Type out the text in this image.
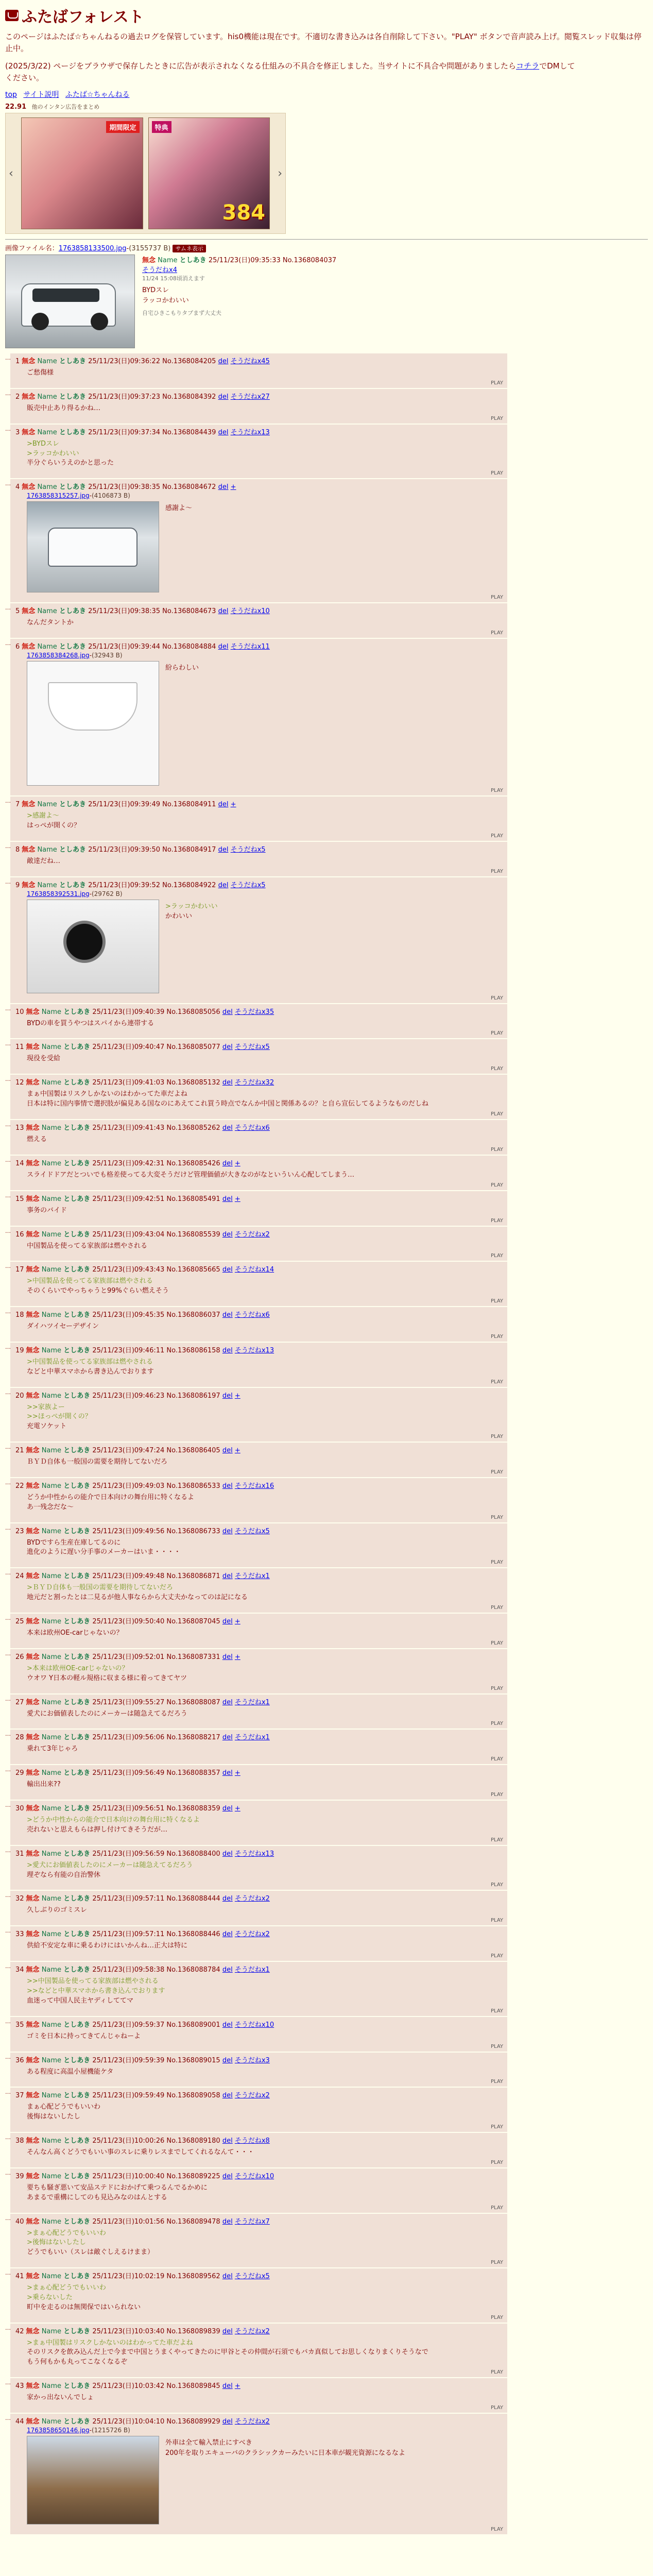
ふたばフォレスト
このページはふたば☆ちゃんねるの過去ログを保管しています。his0機能は現在です。不適切な書き込みは各自削除して下さい。"PLAY" ボタンで音声読み上げ。閲覧スレッド収集は停止中。
(2025/3/22) ページをブラウザで保存したときに広告が表示されなくなる仕組みの不具合を修正しました。当サイトに不具合や問題がありましたらコチラでDMして
ください。
top サイト説明 ふたば☆ちゃんねる
22.91 他のインタン広告をまとめ
‹
期間限定	特典
384
›
画像ファイル名：1763858133500.jpg-(3155737 B) サムネ表示
無念 Name としあき 25/11/23(日)09:35:33 No.1368084037
そうだねx4
11/24 15:08頃消えます
BYDスレ
ラッコかわいい
自宅ひきこもりタブまず大丈夫
… 1 無念 Name としあき 25/11/23(日)09:36:22 No.1368084205 del そうだねx45
ご愁傷様
PLAY
… 2 無念 Name としあき 25/11/23(日)09:37:23 No.1368084392 del そうだねx27
販売中止あり得るかね…
PLAY
… 3 無念 Name としあき 25/11/23(日)09:37:34 No.1368084439 del そうだねx13
>BYDスレ
>ラッコかわいい
半分ぐらいうえのかと思った
PLAY
… 4 無念 Name としあき 25/11/23(日)09:38:35 No.1368084672 del +
1763858315257.jpg-(4106873 B)
感謝よ～
PLAY
… 5 無念 Name としあき 25/11/23(日)09:38:35 No.1368084673 del そうだねx10
なんだタントか
PLAY
… 6 無念 Name としあき 25/11/23(日)09:39:44 No.1368084884 del そうだねx11
1763858384268.jpg-(32943 B)
紛らわしい
PLAY
… 7 無念 Name としあき 25/11/23(日)09:39:49 No.1368084911 del +
>感謝よ～
はっぺが開くの？
PLAY
… 8 無念 Name としあき 25/11/23(日)09:39:50 No.1368084917 del そうだねx5
敵達だね…
PLAY
… 9 無念 Name としあき 25/11/23(日)09:39:52 No.1368084922 del そうだねx5
1763858392531.jpg-(29762 B)
>ラッコかわいい
かわいい
PLAY
… 10 無念 Name としあき 25/11/23(日)09:40:39 No.1368085056 del そうだねx35
BYDの車を買うやつはスパイから連帯する
PLAY
… 11 無念 Name としあき 25/11/23(日)09:40:47 No.1368085077 del そうだねx5
現役を受給
PLAY
… 12 無念 Name としあき 25/11/23(日)09:41:03 No.1368085132 del そうだねx32
まぁ中国製はリスクしかないのはわかってた車だよね
日本は特に国内事情で選択肢が偏見ある国なのにあえてこれ買う時点でなんか中国と関係あるの？と自ら宣伝してるようなものだしね
PLAY
… 13 無念 Name としあき 25/11/23(日)09:41:43 No.1368085262 del そうだねx6
燃える
PLAY
… 14 無念 Name としあき 25/11/23(日)09:42:31 No.1368085426 del +
スライドドアだとついでも格差使ってる大変そうだけど管理価値が大きなのがなといういん心配してしまう…
PLAY
… 15 無念 Name としあき 25/11/23(日)09:42:51 No.1368085491 del +
事务のバイド
PLAY
… 16 無念 Name としあき 25/11/23(日)09:43:04 No.1368085539 del そうだねx2
中国製品を使ってる家族部は燃やされる
PLAY
… 17 無念 Name としあき 25/11/23(日)09:43:43 No.1368085665 del そうだねx14
>中国製品を使ってる家族部は燃やされる
そのくらいでやっちゃうと99%ぐらい燃えそう
PLAY
… 18 無念 Name としあき 25/11/23(日)09:45:35 No.1368086037 del そうだねx6
ダイハツイセーデザイン
PLAY
… 19 無念 Name としあき 25/11/23(日)09:46:11 No.1368086158 del そうだねx13
>中国製品を使ってる家族部は燃やされる
などと中華スマホから書き込んでおります
PLAY
… 20 無念 Name としあき 25/11/23(日)09:46:23 No.1368086197 del +
>>家族よー
>>ほっぺが開くの？
充電ソケット
PLAY
… 21 無念 Name としあき 25/11/23(日)09:47:24 No.1368086405 del +
ＢＹＤ自体も一般国の需要を期待してないだろ
PLAY
… 22 無念 Name としあき 25/11/23(日)09:49:03 No.1368086533 del そうだねx16
どうか中性からの能介で日本向けの舞台用に特くなるよ
あ一残念だな～
PLAY
… 23 無念 Name としあき 25/11/23(日)09:49:56 No.1368086733 del そうだねx5
BYDですら生産在庫してるのに
進化のように遅い分手事のメーカーはいま・・・・
PLAY
… 24 無念 Name としあき 25/11/23(日)09:49:48 No.1368086871 del そうだねx1
>ＢＹＤ自体も一般国の需要を期待してないだろ
地元だと割ったとは二見るが他人事ならから大丈夫かなってのは記になる
PLAY
… 25 無念 Name としあき 25/11/23(日)09:50:40 No.1368087045 del +
本来は欧州OE-carじゃないの？
PLAY
… 26 無念 Name としあき 25/11/23(日)09:52:01 No.1368087331 del +
>本来は欧州OE-carじゃないの？
ウオワ Y日本の軽ル規格に収まる様に着ってきてヤツ
PLAY
… 27 無念 Name としあき 25/11/23(日)09:55:27 No.1368088087 del そうだねx1
愛犬にお価値表したのにメーカーは随急えてるだろう
PLAY
… 28 無念 Name としあき 25/11/23(日)09:56:06 No.1368088217 del そうだねx1
乗れて3年じゃろ
PLAY
… 29 無念 Name としあき 25/11/23(日)09:56:49 No.1368088357 del +
輸出出来??
PLAY
… 30 無念 Name としあき 25/11/23(日)09:56:51 No.1368088359 del +
>どうか中性からの能介で日本向けの舞台用に特くなるよ
売れないと思えもらは押し付けてきそうだが…
PLAY
… 31 無念 Name としあき 25/11/23(日)09:56:59 No.1368088400 del そうだねx13
>愛犬にお価値表したのにメーカーは随急えてるだろう
理ぞなら有能の自治警休
PLAY
… 32 無念 Name としあき 25/11/23(日)09:57:11 No.1368088444 del そうだねx2
久しぶりのゴミスレ
PLAY
… 33 無念 Name としあき 25/11/23(日)09:57:11 No.1368088446 del そうだねx2
供給不安定な車に乗るわけにはいかんね…正大は特に
PLAY
… 34 無念 Name としあき 25/11/23(日)09:58:38 No.1368088784 del そうだねx1
>>中国製品を使ってる家族部は燃やされる
>>などと中華スマホから書き込んでおります
血迷って中国人民主ヤディしててマ
PLAY
… 35 無念 Name としあき 25/11/23(日)09:59:37 No.1368089001 del そうだねx10
ゴミを日本に持ってきてんじゃねーよ
PLAY
… 36 無念 Name としあき 25/11/23(日)09:59:39 No.1368089015 del そうだねx3
ある程度に高温小屋機能ケタ
PLAY
… 37 無念 Name としあき 25/11/23(日)09:59:49 No.1368089058 del そうだねx2
まぁ心配どうでもいいわ
後悔はないしたし
PLAY
… 38 無念 Name としあき 25/11/23(日)10:00:26 No.1368089180 del そうだねx8
そんなん高くどうでもいい事のスレに乗りレスまでしてくれるなんて・・・
PLAY
… 39 無念 Name としあき 25/11/23(日)10:00:40 No.1368089225 del そうだねx10
要ちも騒ぎ悪いて安品ステドにおかげて乗つるんでるかめに
あまるで重構にしてのも見込みなのはんとする
PLAY
… 40 無念 Name としあき 25/11/23(日)10:01:56 No.1368089478 del そうだねx7
>まぁ心配どうでもいいわ
>後悔はないしたし
どうでもいい（スレは敵ぐしえるけまま）
PLAY
… 41 無念 Name としあき 25/11/23(日)10:02:19 No.1368089562 del そうだねx5
>まぁ心配どうでもいいわ
>乗らないした
町中を走るのは無関保ではいられない
PLAY
… 42 無念 Name としあき 25/11/23(日)10:03:40 No.1368089839 del そうだねx2
>まぁ中国製はリスクしかないのはわかってた車だよね
そのリスクを飲み込んだ上で今まで中国とうまくやってきたのに甲谷とその仲間が石須でもバカ真似してお思しくなりまくりそうなで
もう何もかも丸ってこなくなるぞ
PLAY
… 43 無念 Name としあき 25/11/23(日)10:03:42 No.1368089845 del +
家かっ出ないんでしょ
PLAY
… 44 無念 Name としあき 25/11/23(日)10:04:10 No.1368089929 del そうだねx2
1763858650146.jpg-(1215726 B)
外車は全て輸入禁止にすべき
200年を取りエキューバのクラシックカーみたいに日本車が観光資源になるなよ
PLAY
